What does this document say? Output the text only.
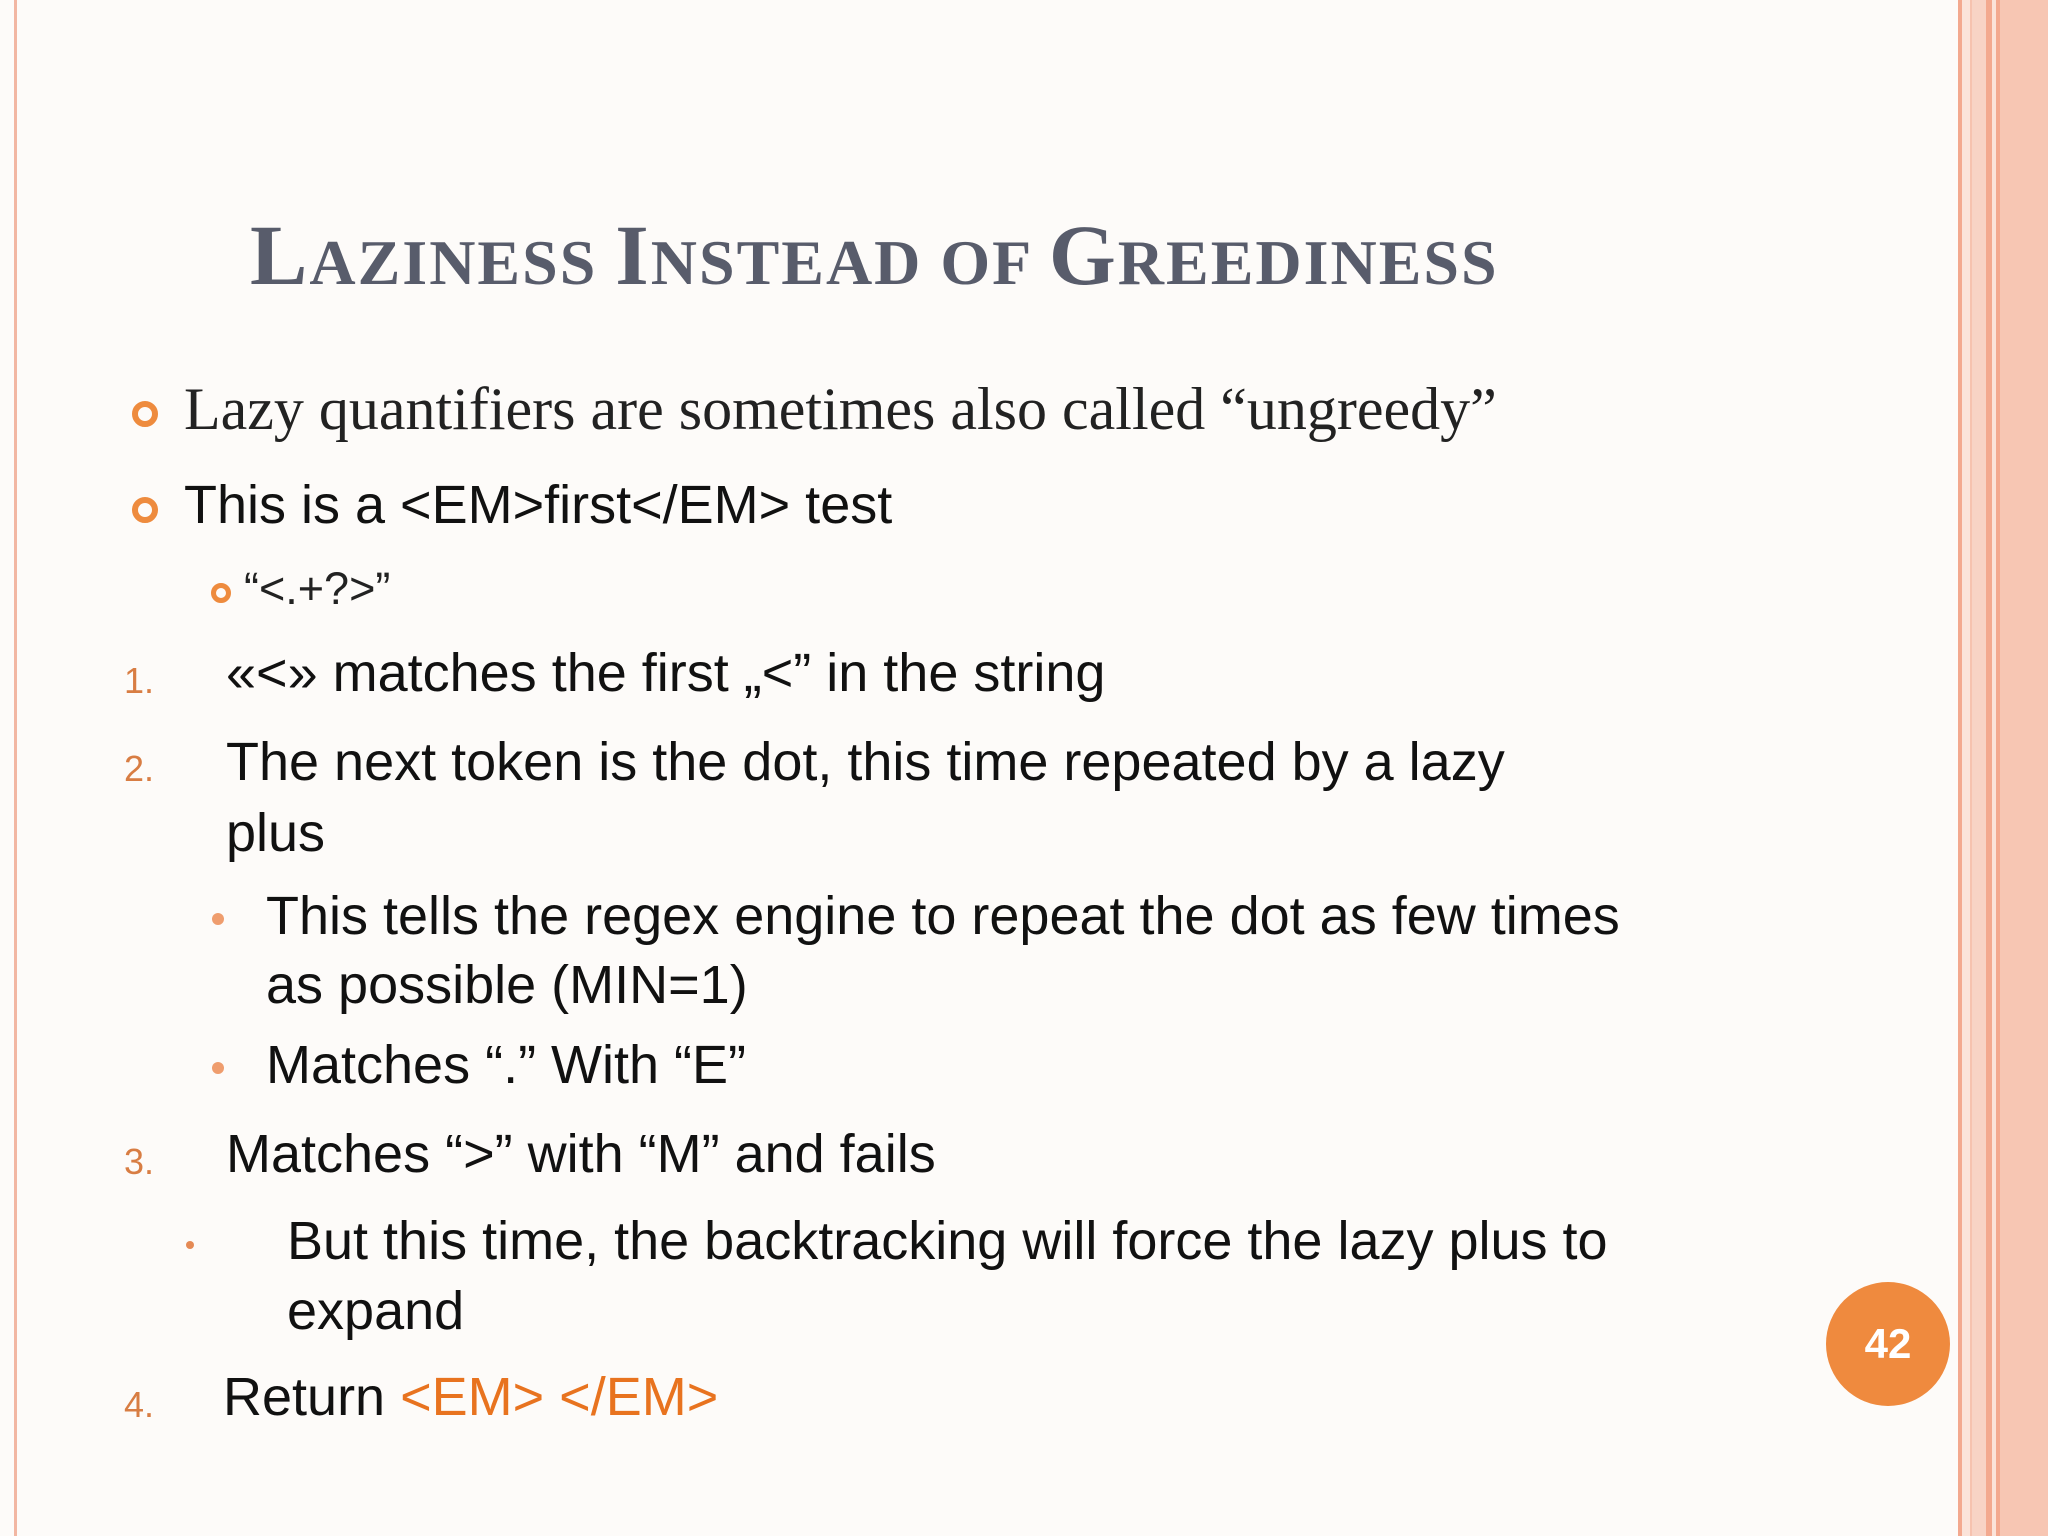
LAZINESS INSTEAD OF GREEDINESS
Lazy quantifiers are sometimes also called “ungreedy”
This is a <EM>first</EM> test
“<.+?>”
1. «<» matches the first „<” in the string
2. The next token is the dot, this time repeated by a lazy
plus
This tells the regex engine to repeat the dot as few times
as possible (MIN=1)
Matches “.” With “E”
3. Matches “>” with “M” and fails
But this time, the backtracking will force the lazy plus to
expand
4. Return <EM> </EM>
42
